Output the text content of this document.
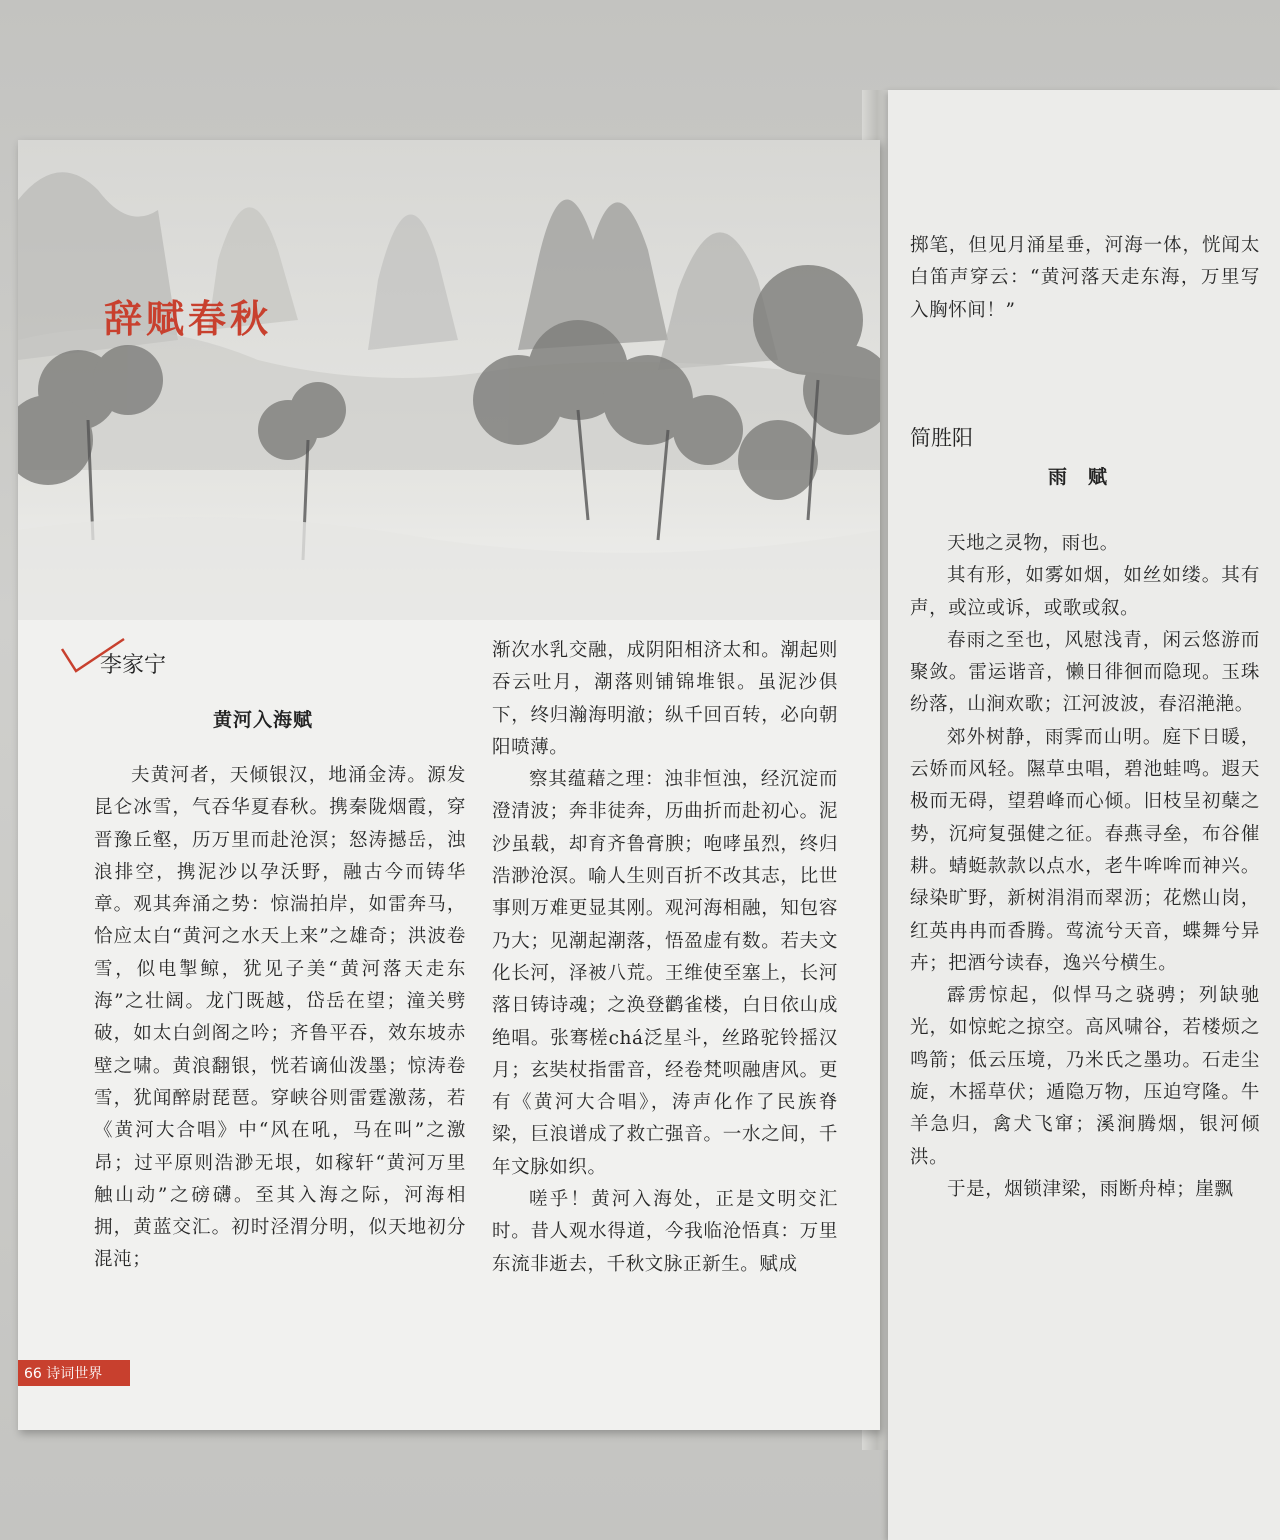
辞赋春秋
李家宁
黄河入海赋

夫黄河者，天倾银汉，地涌金涛。源发昆仑冰雪，气吞华夏春秋。携秦陇烟霞，穿晋豫丘壑，历万里而赴沧溟；怒涛撼岳，浊浪排空，携泥沙以孕沃野，融古今而铸华章。观其奔涌之势：惊湍拍岸，如雷奔马，恰应太白“黄河之水天上来”之雄奇；洪波卷雪，似电掣鲸，犹见子美“黄河落天走东海”之壮阔。龙门既越，岱岳在望；潼关劈破，如太白剑阁之吟；齐鲁平吞，效东坡赤壁之啸。黄浪翻银，恍若谪仙泼墨；惊涛卷雪，犹闻醉尉琵琶。穿峡谷则雷霆激荡，若《黄河大合唱》中“风在吼，马在叫”之激昂；过平原则浩渺无垠，如稼轩“黄河万里触山动”之磅礴。至其入海之际，河海相拥，黄蓝交汇。初时泾渭分明，似天地初分混沌；

渐次水乳交融，成阴阳相济太和。潮起则吞云吐月，潮落则铺锦堆银。虽泥沙俱下，终归瀚海明澈；纵千回百转，必向朝阳喷薄。

察其蕴藉之理：浊非恒浊，经沉淀而澄清波；奔非徒奔，历曲折而赴初心。泥沙虽载，却育齐鲁膏腴；咆哮虽烈，终归浩渺沧溟。喻人生则百折不改其志，比世事则万难更显其刚。观河海相融，知包容乃大；见潮起潮落，悟盈虚有数。若夫文化长河，泽被八荒。王维使至塞上，长河落日铸诗魂；之涣登鹳雀楼，白日依山成绝唱。张骞槎chá泛星斗，丝路驼铃摇汉月；玄奘杖指雷音，经卷梵呗融唐风。更有《黄河大合唱》，涛声化作了民族脊梁，巨浪谱成了救亡强音。一水之间，千年文脉如织。

嗟乎！黄河入海处，正是文明交汇时。昔人观水得道，今我临沧悟真：万里东流非逝去，千秋文脉正新生。赋成

66 诗词世界

掷笔，但见月涌星垂，河海一体，恍闻太白笛声穿云：“黄河落天走东海，万里写入胸怀间！”

简胜阳
雨　赋

天地之灵物，雨也。

其有形，如雾如烟，如丝如缕。其有声，或泣或诉，或歌或叙。

春雨之至也，风慰浅青，闲云悠游而聚敛。雷运谐音，懒日徘徊而隐现。玉珠纷落，山涧欢歌；江河波波，春沼滟滟。

郊外树静，雨霁而山明。庭下日暖，云娇而风轻。隰草虫唱，碧池蛙鸣。遐天极而无碍，望碧峰而心倾。旧枝呈初蘖之势，沉疴复强健之征。春燕寻垒，布谷催耕。蜻蜓款款以点水，老牛哞哞而神兴。绿染旷野，新树涓涓而翠沥；花燃山岗，红英冉冉而香腾。莺流兮天音，蝶舞兮异卉；把酒兮读春，逸兴兮横生。

霹雳惊起，似悍马之骁骋；列缺驰光，如惊蛇之掠空。高风啸谷，若楼烦之鸣箭；低云压境，乃米氏之墨功。石走尘旋，木摇草伏；遁隐万物，压迫穹隆。牛羊急归，禽犬飞窜；溪涧腾烟，银河倾洪。

于是，烟锁津梁，雨断舟棹；崖飘
